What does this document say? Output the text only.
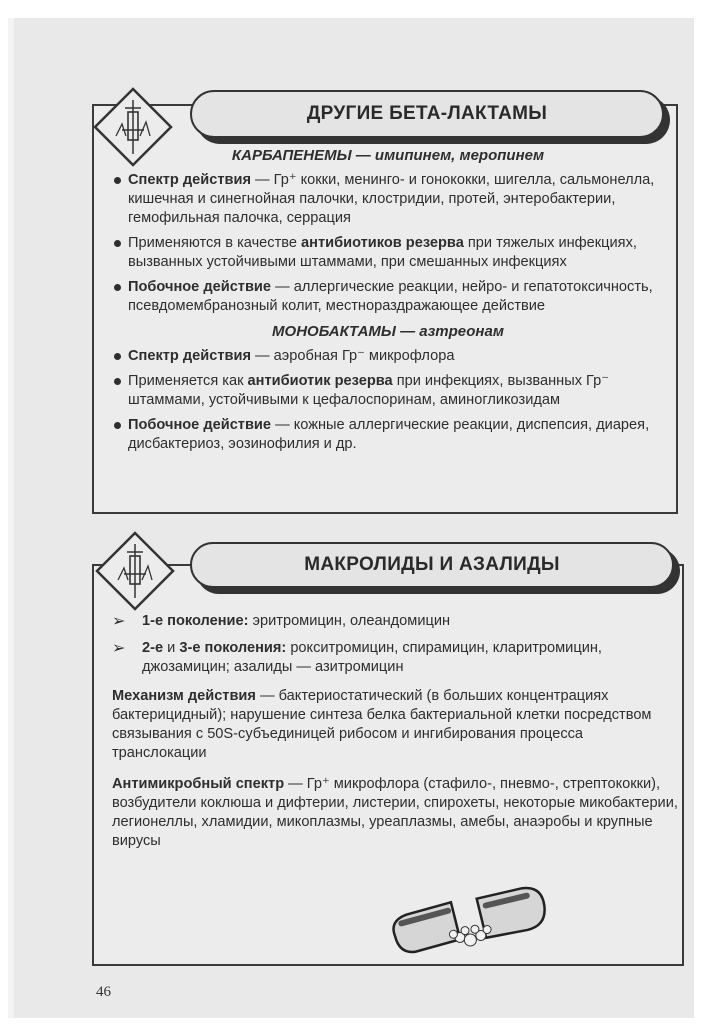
ДРУГИЕ БЕТА-ЛАКТАМЫ
КАРБАПЕНЕМЫ — имипинем, меропинем
Спектр действия — Гр⁺ кокки, менинго- и гонококки, шигелла, сальмонелла, кишечная и синегнойная палочки, клостридии, протей, энтеробактерии, гемофильная палочка, серрация
Применяются в качестве антибиотиков резерва при тяжелых инфекциях, вызванных устойчивыми штаммами, при смешанных инфекциях
Побочное действие — аллергические реакции, нейро- и гепатотоксичность, псевдомембранозный колит, местнораздражающее действие
МОНОБАКТАМЫ — азтреонам
Спектр действия — аэробная Гр⁻ микрофлора
Применяется как антибиотик резерва при инфекциях, вызванных Гр⁻ штаммами, устойчивыми к цефалоспоринам, аминогликозидам
Побочное действие — кожные аллергические реакции, диспепсия, диарея, дисбактериоз, эозинофилия и др.
МАКРОЛИДЫ И АЗАЛИДЫ
➢ 1-е поколение: эритромицин, олеандомицин
➢ 2-е и 3-е поколения: рокситромицин, спирамицин, кларитромицин, джозамицин; азалиды — азитромицин
Механизм действия — бактериостатический (в больших концентрациях бактерицидный); нарушение синтеза белка бактериальной клетки посредством связывания с 50S-субъединицей рибосом и ингибирования процесса транслокации
Антимикробный спектр — Гр⁺ микрофлора (стафило-, пневмо-, стрептококки), возбудители коклюша и дифтерии, листерии, спирохеты, некоторые микобактерии, легионеллы, хламидии, микоплазмы, уреаплазмы, амебы, анаэробы и крупные вирусы
46
